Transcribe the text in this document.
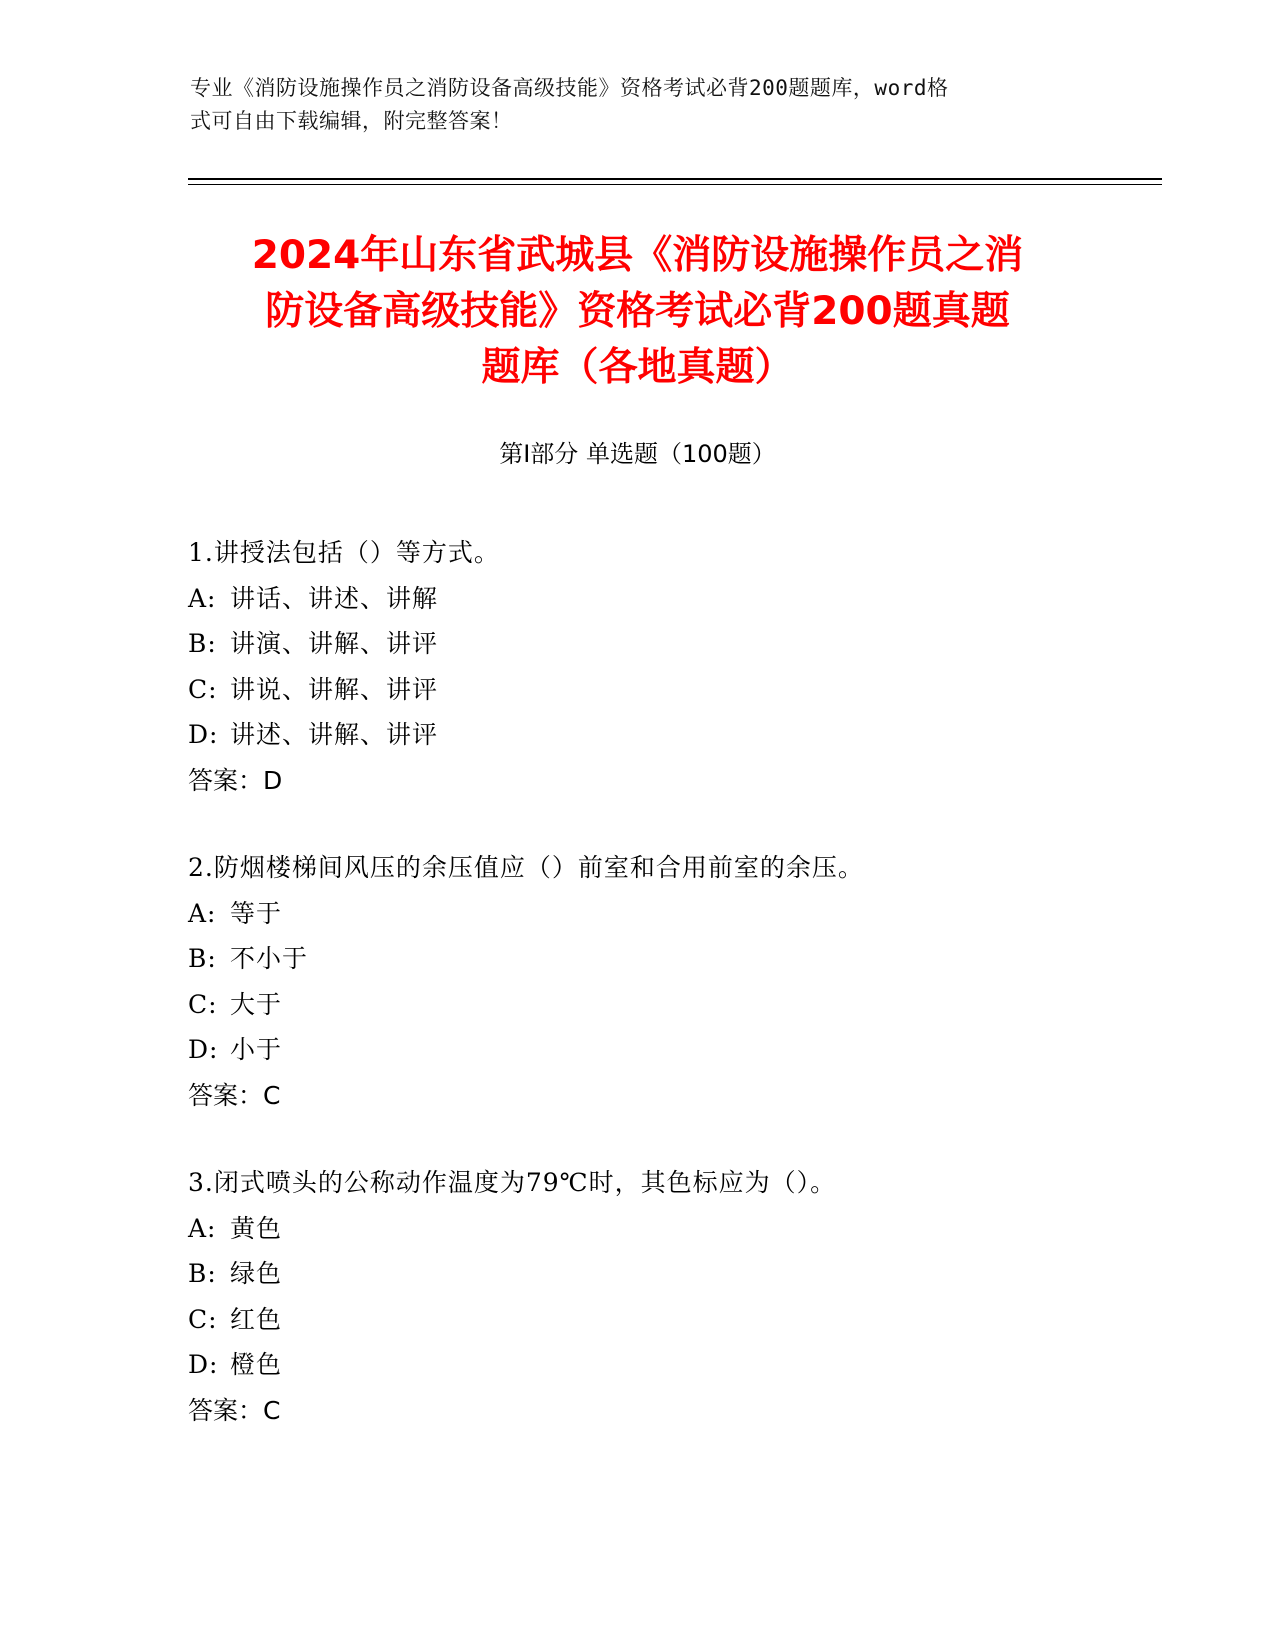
专业《消防设施操作员之消防设备高级技能》资格考试必背200题题库，word格
式可自由下载编辑，附完整答案！
2024年山东省武城县《消防设施操作员之消
防设备高级技能》资格考试必背200题真题
题库（各地真题）
第Ⅰ部分 单选题（100题）
1.讲授法包括（）等方式。
A: 讲话、讲述、讲解
B: 讲演、讲解、讲评
C: 讲说、讲解、讲评
D: 讲述、讲解、讲评
答案：D
2.防烟楼梯间风压的余压值应（）前室和合用前室的余压。
A: 等于
B: 不小于
C: 大于
D: 小于
答案：C
3.闭式喷头的公称动作温度为79℃时，其色标应为（）。
A: 黄色
B: 绿色
C: 红色
D: 橙色
答案：C
